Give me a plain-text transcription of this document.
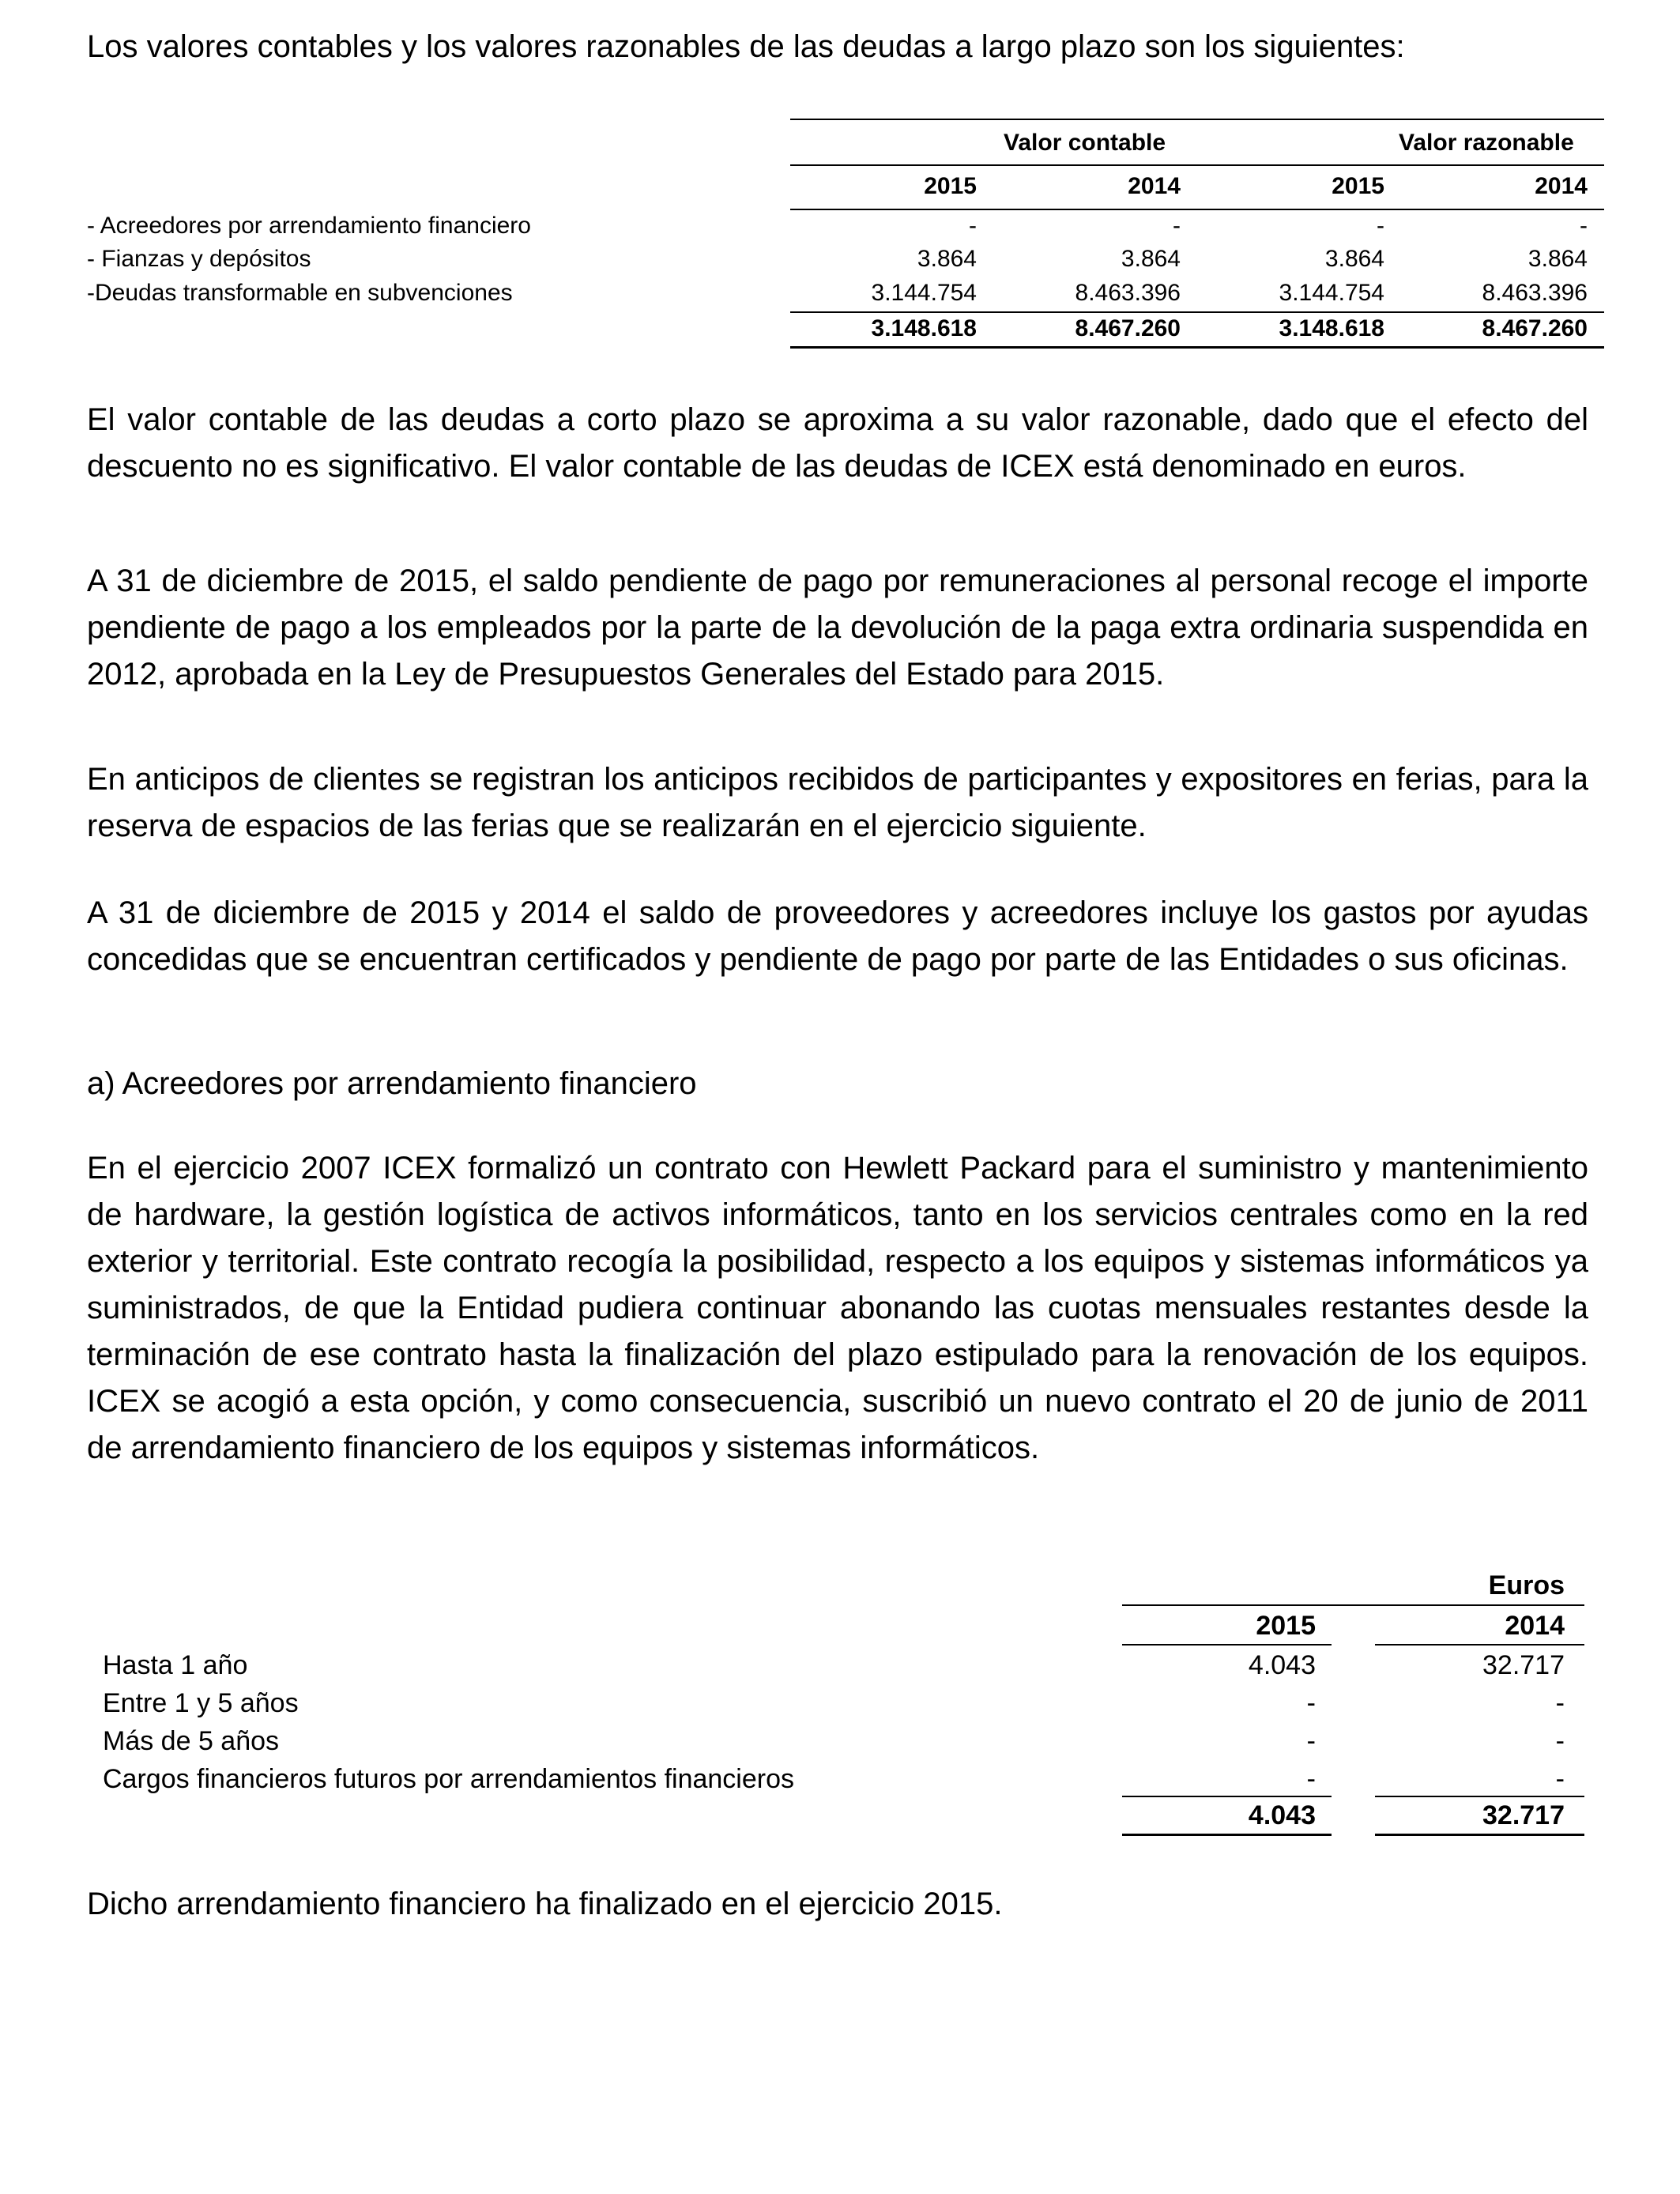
Los valores contables y los valores razonables de las deudas a largo plazo son los siguientes:
Valor contable	Valor razonable
2015	2014	2015	2014
- Acreedores por arrendamiento financiero	-	-	-	-
- Fianzas y depósitos	3.864	3.864	3.864	3.864
-Deudas transformable en subvenciones	3.144.754	8.463.396	3.144.754	8.463.396
3.148.618	8.467.260	3.148.618	8.467.260
El valor contable de las deudas a corto plazo se aproxima a su valor razonable, dado que el efecto del descuento no es significativo. El valor contable de las deudas de ICEX está denominado en euros.
A 31 de diciembre de 2015, el saldo pendiente de pago por remuneraciones al personal recoge el importe pendiente de pago a los empleados por la parte de la devolución de la paga extra ordinaria suspendida en 2012, aprobada en la Ley de Presupuestos Generales del Estado para 2015.
En anticipos de clientes se registran los anticipos recibidos de participantes y expositores en ferias, para la reserva de espacios de las ferias que se realizarán en el ejercicio siguiente.
A 31 de diciembre de 2015 y 2014 el saldo de proveedores y acreedores incluye los gastos por ayudas concedidas que se encuentran certificados y pendiente de pago por parte de las Entidades o sus oficinas.
a) Acreedores por arrendamiento financiero
En el ejercicio 2007 ICEX formalizó un contrato con Hewlett Packard para el suministro y mantenimiento de hardware, la gestión logística de activos informáticos, tanto en los servicios centrales como en la red exterior y territorial. Este contrato recogía la posibilidad, respecto a los equipos y sistemas informáticos ya suministrados, de que la Entidad pudiera continuar abonando las cuotas mensuales restantes desde la terminación de ese contrato hasta la finalización del plazo estipulado para la renovación de los equipos. ICEX se acogió a esta opción, y como consecuencia, suscribió un nuevo contrato el 20 de junio de 2011 de arrendamiento financiero de los equipos y sistemas informáticos.
Euros
2015	2014
Hasta 1 año	4.043	32.717
Entre 1 y 5 años	-	-
Más de 5 años	-	-
Cargos financieros futuros por arrendamientos financieros	-	-
4.043	32.717
Dicho arrendamiento financiero ha finalizado en el ejercicio 2015.
